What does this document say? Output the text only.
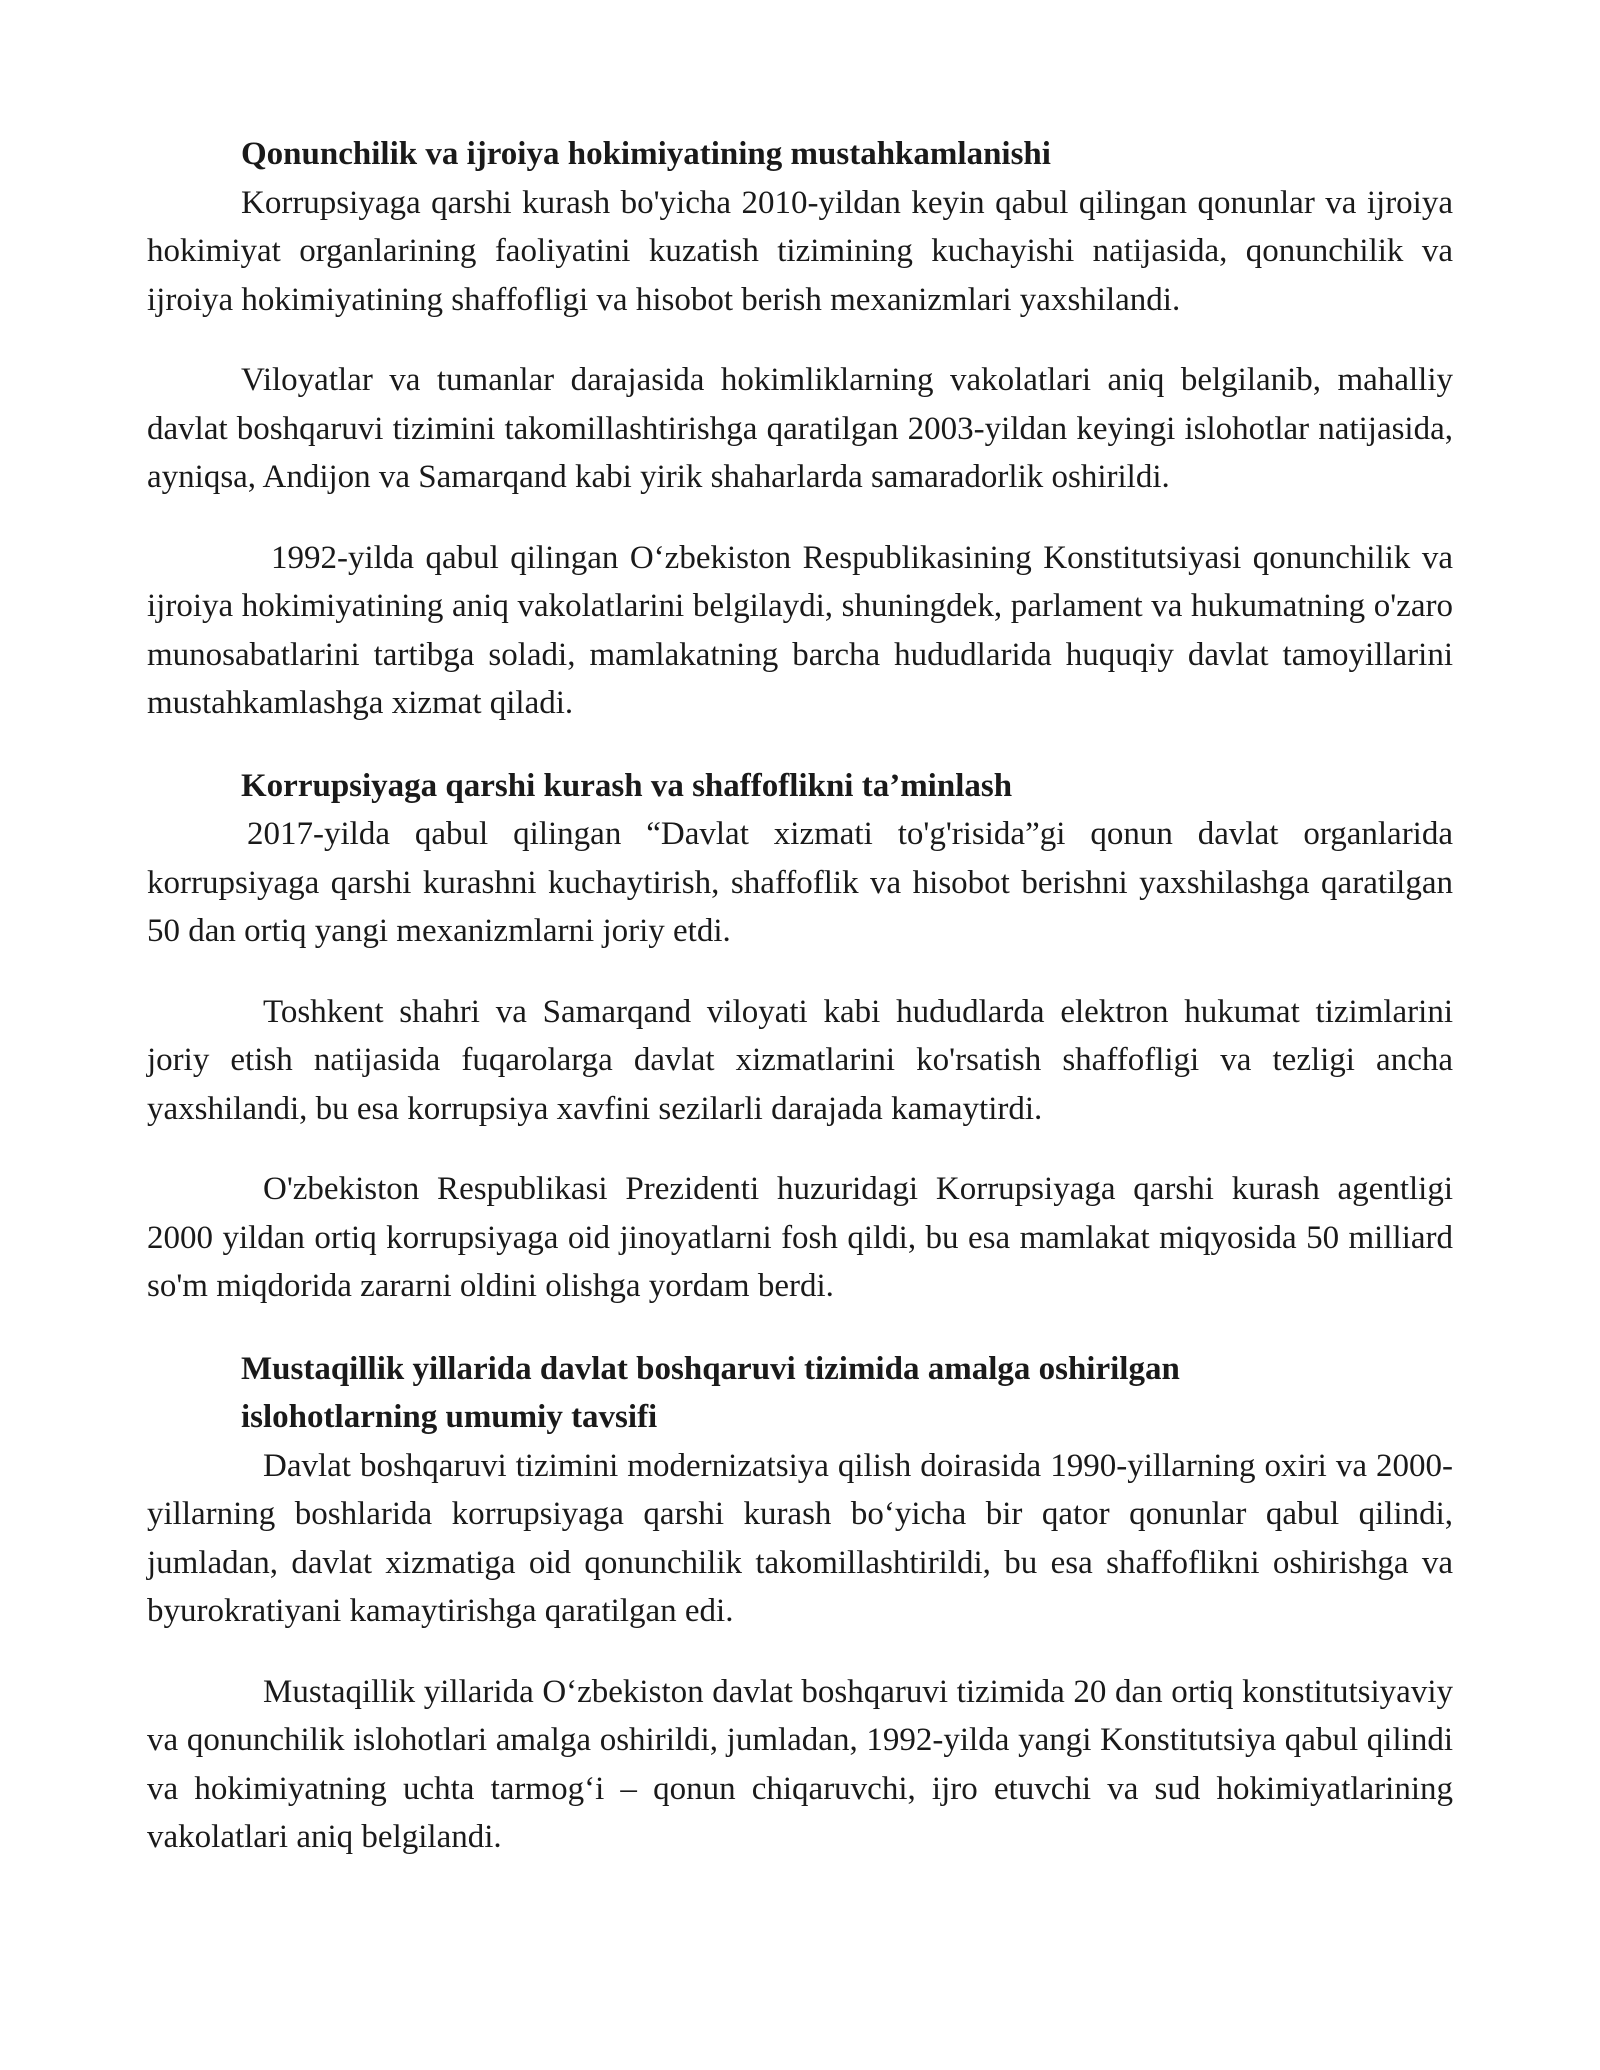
Qonunchilik va ijroiya hokimiyatining mustahkamlanishi

Korrupsiyaga qarshi kurash bo'yicha 2010-yildan keyin qabul qilingan qonunlar va ijroiya hokimiyat organlarining faoliyatini kuzatish tizimining kuchayishi natijasida, qonunchilik va ijroiya hokimiyatining shaffofligi va hisobot berish mexanizmlari yaxshilandi.

Viloyatlar va tumanlar darajasida hokimliklarning vakolatlari aniq belgilanib, mahalliy davlat boshqaruvi tizimini takomillashtirishga qaratilgan 2003-yildan keyingi islohotlar natijasida, ayniqsa, Andijon va Samarqand kabi yirik shaharlarda samaradorlik oshirildi.

1992-yilda qabul qilingan O‘zbekiston Respublikasining Konstitutsiyasi qonunchilik va ijroiya hokimiyatining aniq vakolatlarini belgilaydi, shuningdek, parlament va hukumatning o'zaro munosabatlarini tartibga soladi, mamlakatning barcha hududlarida huquqiy davlat tamoyillarini mustahkamlashga xizmat qiladi.

Korrupsiyaga qarshi kurash va shaffoflikni ta’minlash

2017-yilda qabul qilingan “Davlat xizmati to'g'risida”gi qonun davlat organlarida korrupsiyaga qarshi kurashni kuchaytirish, shaffoflik va hisobot berishni yaxshilashga qaratilgan 50 dan ortiq yangi mexanizmlarni joriy etdi.

Toshkent shahri va Samarqand viloyati kabi hududlarda elektron hukumat tizimlarini joriy etish natijasida fuqarolarga davlat xizmatlarini ko'rsatish shaffofligi va tezligi ancha yaxshilandi, bu esa korrupsiya xavfini sezilarli darajada kamaytirdi.

O'zbekiston Respublikasi Prezidenti huzuridagi Korrupsiyaga qarshi kurash agentligi 2000 yildan ortiq korrupsiyaga oid jinoyatlarni fosh qildi, bu esa mamlakat miqyosida 50 milliard so'm miqdorida zararni oldini olishga yordam berdi.

Mustaqillik yillarida davlat boshqaruvi tizimida amalga oshirilgan

islohotlarning umumiy tavsifi

Davlat boshqaruvi tizimini modernizatsiya qilish doirasida 1990-yillarning oxiri va 2000-yillarning boshlarida korrupsiyaga qarshi kurash bo‘yicha bir qator qonunlar qabul qilindi, jumladan, davlat xizmatiga oid qonunchilik takomillashtirildi, bu esa shaffoflikni oshirishga va byurokratiyani kamaytirishga qaratilgan edi.

Mustaqillik yillarida O‘zbekiston davlat boshqaruvi tizimida 20 dan ortiq konstitutsiyaviy va qonunchilik islohotlari amalga oshirildi, jumladan, 1992-yilda yangi Konstitutsiya qabul qilindi va hokimiyatning uchta tarmog‘i – qonun chiqaruvchi, ijro etuvchi va sud hokimiyatlarining vakolatlari aniq belgilandi.
